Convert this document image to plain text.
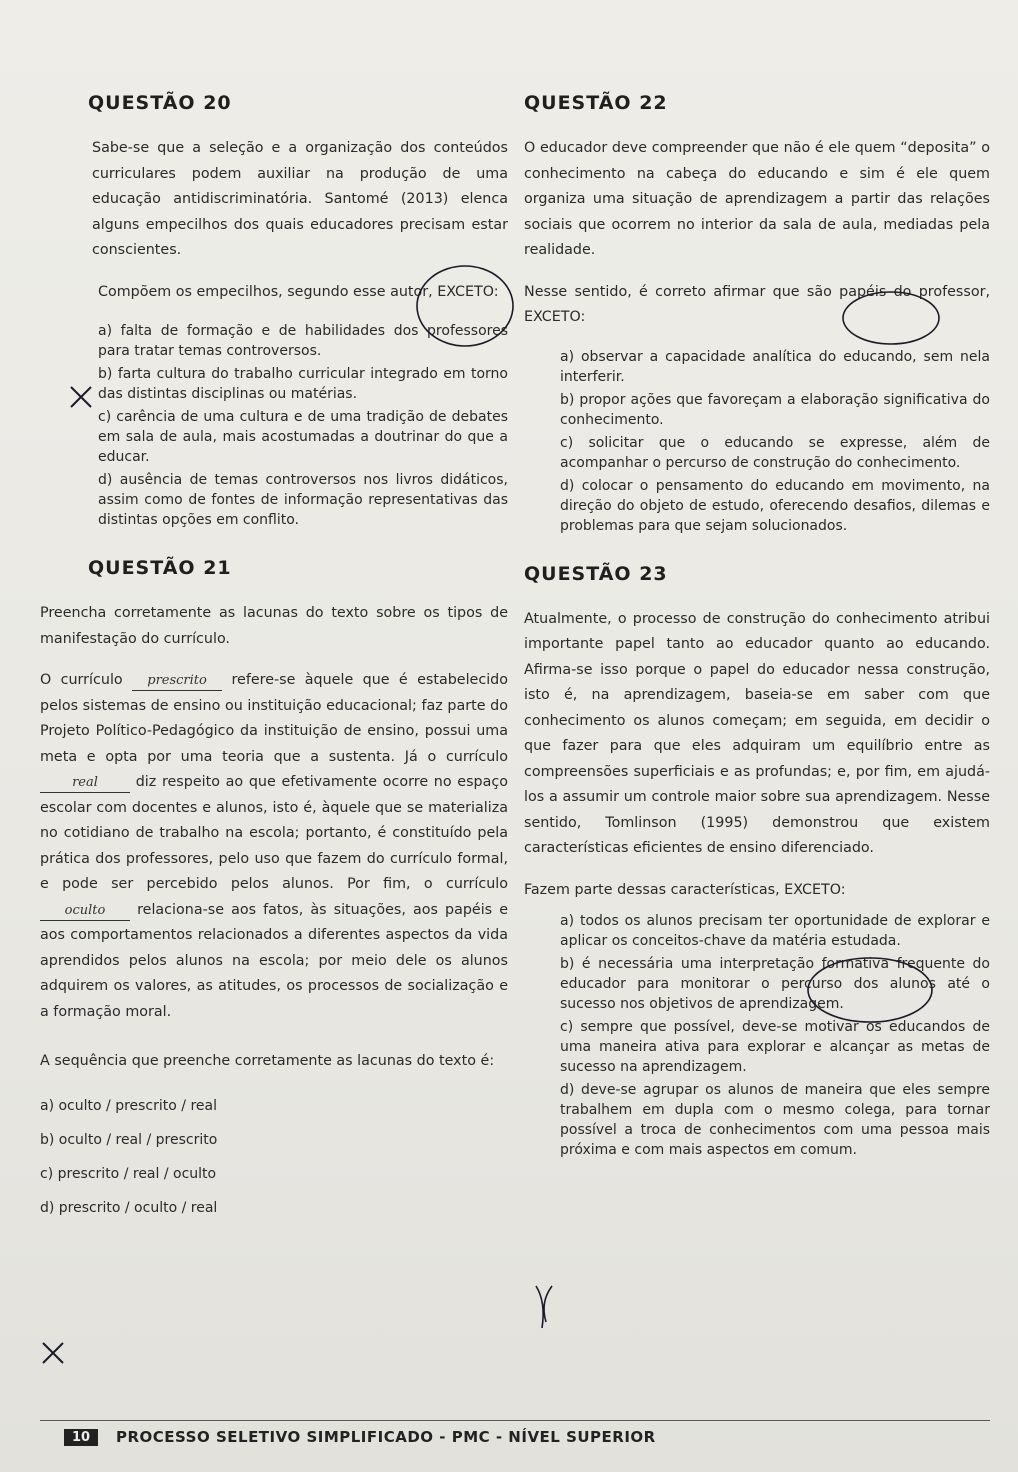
QUESTÃO 20

Sabe-se que a seleção e a organização dos conteúdos curriculares podem auxiliar na produção de uma educação antidiscriminatória. Santomé (2013) elenca alguns empecilhos dos quais educadores precisam estar conscientes.

Compõem os empecilhos, segundo esse autor, EXCETO:

a) falta de formação e de habilidades dos professores para tratar temas controversos.
b) farta cultura do trabalho curricular integrado em torno das distintas disciplinas ou matérias.
c) carência de uma cultura e de uma tradição de debates em sala de aula, mais acostumadas a doutrinar do que a educar.
d) ausência de temas controversos nos livros didáticos, assim como de fontes de informação representativas das distintas opções em conflito.
QUESTÃO 21

Preencha corretamente as lacunas do texto sobre os tipos de manifestação do currículo.

O currículo prescrito refere-se àquele que é estabelecido pelos sistemas de ensino ou instituição educacional; faz parte do Projeto Político-Pedagógico da instituição de ensino, possui uma meta e opta por uma teoria que a sustenta. Já o currículo real	diz respeito ao que efetivamente ocorre no espaço escolar com docentes e alunos, isto é, àquele que se materializa no cotidiano de trabalho na escola; portanto, é constituído pela prática dos professores, pelo uso que fazem do currículo formal, e pode ser percebido pelos alunos. Por fim, o currículo oculto relaciona-se aos fatos, às situações, aos papéis e aos comportamentos relacionados a diferentes aspectos da vida aprendidos pelos alunos na escola; por meio dele os alunos adquirem os valores, as atitudes, os processos de socialização e a formação moral.

A sequência que preenche corretamente as lacunas do texto é:

a) oculto / prescrito / real
b) oculto / real / prescrito
c) prescrito / real / oculto
d) prescrito / oculto / real
QUESTÃO 22

O educador deve compreender que não é ele quem “deposita” o conhecimento na cabeça do educando e sim é ele quem organiza uma situação de aprendizagem a partir das relações sociais que ocorrem no interior da sala de aula, mediadas pela realidade.

Nesse sentido, é correto afirmar que são papéis do professor, EXCETO:

a) observar a capacidade analítica do educando, sem nela interferir.
b) propor ações que favoreçam a elaboração significativa do conhecimento.
c) solicitar que o educando se expresse, além de acompanhar o percurso de construção do conhecimento.
d) colocar o pensamento do educando em movimento, na direção do objeto de estudo, oferecendo desafios, dilemas e problemas para que sejam solucionados.
QUESTÃO 23

Atualmente, o processo de construção do conhecimento atribui importante papel tanto ao educador quanto ao educando. Afirma-se isso porque o papel do educador nessa construção, isto é, na aprendizagem, baseia-se em saber com que conhecimento os alunos começam; em seguida, em decidir o que fazer para que eles adquiram um equilíbrio entre as compreensões superficiais e as profundas; e, por fim, em ajudá-los a assumir um controle maior sobre sua aprendizagem. Nesse sentido, Tomlinson (1995) demonstrou que existem características eficientes de ensino diferenciado.

Fazem parte dessas características, EXCETO:

a) todos os alunos precisam ter oportunidade de explorar e aplicar os conceitos-chave da matéria estudada.
b) é necessária uma interpretação formativa frequente do educador para monitorar o percurso dos alunos até o sucesso nos objetivos de aprendizagem.
c) sempre que possível, deve-se motivar os educandos de uma maneira ativa para explorar e alcançar as metas de sucesso na aprendizagem.
d) deve-se agrupar os alunos de maneira que eles sempre trabalhem em dupla com o mesmo colega, para tornar possível a troca de conhecimentos com uma pessoa mais próxima e com mais aspectos em comum.
10	PROCESSO SELETIVO SIMPLIFICADO - PMC - NÍVEL SUPERIOR
